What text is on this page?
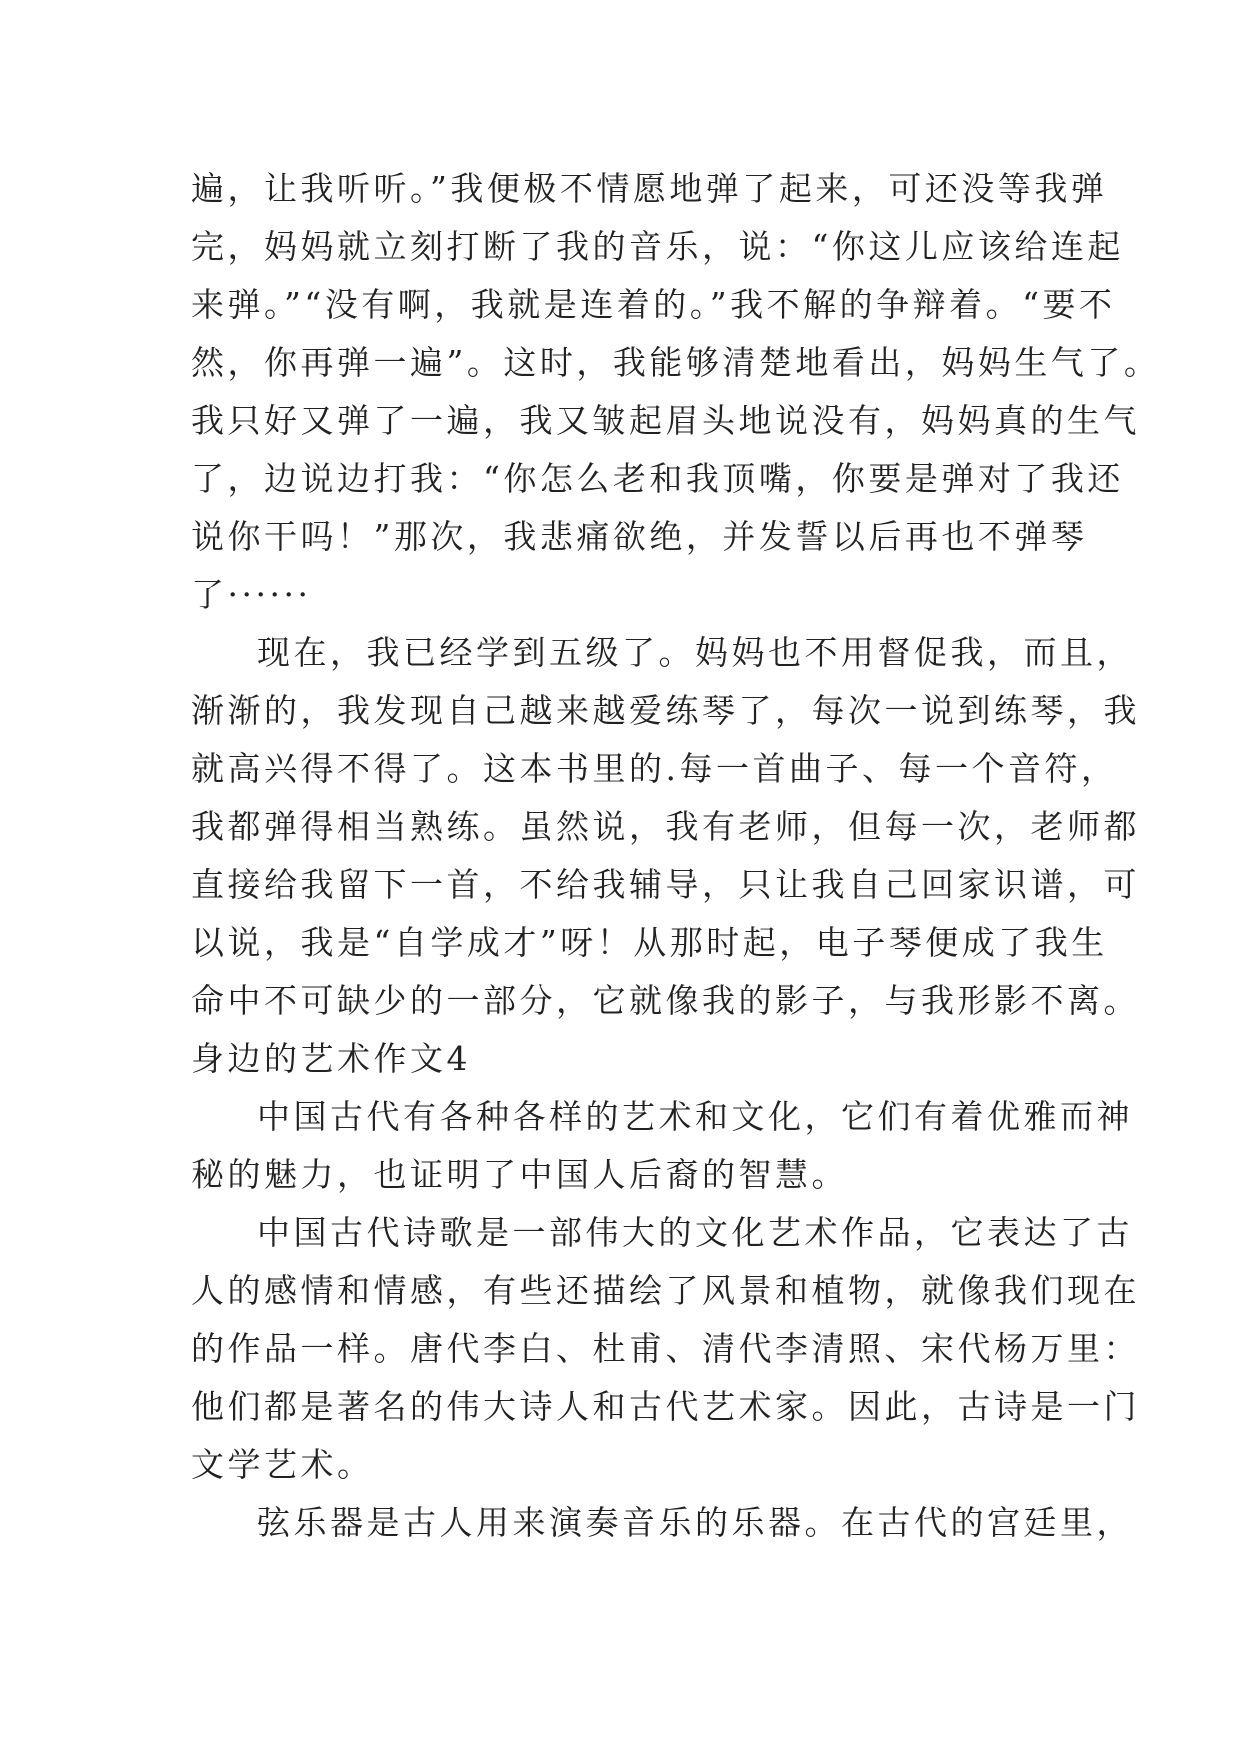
遍，让我听听。”我便极不情愿地弹了起来，可还没等我弹
完，妈妈就立刻打断了我的音乐，说：“你这儿应该给连起
来弹。”“没有啊，我就是连着的。”我不解的争辩着。“要不
然，你再弹一遍”。这时，我能够清楚地看出，妈妈生气了。
我只好又弹了一遍，我又皱起眉头地说没有，妈妈真的生气
了，边说边打我：“你怎么老和我顶嘴，你要是弹对了我还
说你干吗！”那次，我悲痛欲绝，并发誓以后再也不弹琴
了······
现在，我已经学到五级了。妈妈也不用督促我，而且，
渐渐的，我发现自己越来越爱练琴了，每次一说到练琴，我
就高兴得不得了。这本书里的.每一首曲子、每一个音符，
我都弹得相当熟练。虽然说，我有老师，但每一次，老师都
直接给我留下一首，不给我辅导，只让我自己回家识谱，可
以说，我是“自学成才”呀！从那时起，电子琴便成了我生
命中不可缺少的一部分，它就像我的影子，与我形影不离。
身边的艺术作文4
中国古代有各种各样的艺术和文化，它们有着优雅而神
秘的魅力，也证明了中国人后裔的智慧。
中国古代诗歌是一部伟大的文化艺术作品，它表达了古
人的感情和情感，有些还描绘了风景和植物，就像我们现在
的作品一样。唐代李白、杜甫、清代李清照、宋代杨万里：
他们都是著名的伟大诗人和古代艺术家。因此，古诗是一门
文学艺术。
弦乐器是古人用来演奏音乐的乐器。在古代的宫廷里，
